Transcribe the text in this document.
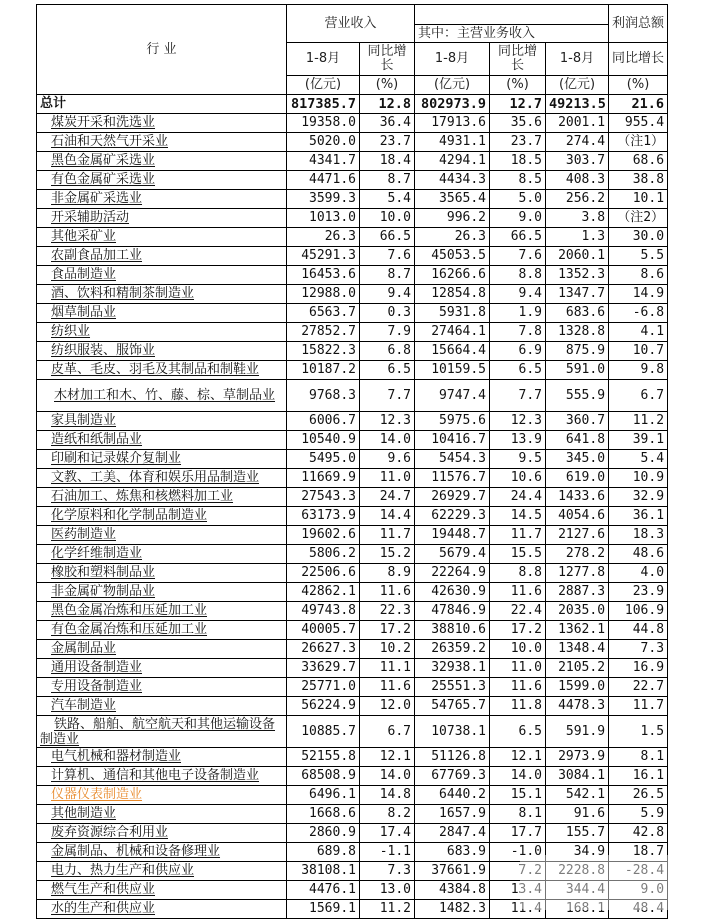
行 业	营业收入					利润总额
			其中：主营业务收入			
	1-8月	同比增长	1-8月	同比增长	1-8月	同比增长
	(亿元)	(%)	(亿元)	(%)	(亿元)	(%)
总计	817385.7	12.8	802973.9	12.7	49213.5	21.6
煤炭开采和洗选业	19358.0	36.4	17913.6	35.6	2001.1	955.4
石油和天然气开采业	5020.0	23.7	4931.1	23.7	274.4	（注1）
黑色金属矿采选业	4341.7	18.4	4294.1	18.5	303.7	68.6
有色金属矿采选业	4471.6	8.7	4434.3	8.5	408.3	38.8
非金属矿采选业	3599.3	5.4	3565.4	5.0	256.2	10.1
开采辅助活动	1013.0	10.0	996.2	9.0	3.8	（注2）
其他采矿业	26.3	66.5	26.3	66.5	1.3	30.0
农副食品加工业	45291.3	7.6	45053.5	7.6	2060.1	5.5
食品制造业	16453.6	8.7	16266.6	8.8	1352.3	8.6
酒、饮料和精制茶制造业	12988.0	9.4	12854.8	9.4	1347.7	14.9
烟草制品业	6563.7	0.3	5931.8	1.9	683.6	-6.8
纺织业	27852.7	7.9	27464.1	7.8	1328.8	4.1
纺织服装、服饰业	15822.3	6.8	15664.4	6.9	875.9	10.7
皮革、毛皮、羽毛及其制品和制鞋业	10187.2	6.5	10159.5	6.5	591.0	9.8
木材加工和木、竹、藤、棕、草制品业	9768.3	7.7	9747.4	7.7	555.9	6.7
家具制造业	6006.7	12.3	5975.6	12.3	360.7	11.2
造纸和纸制品业	10540.9	14.0	10416.7	13.9	641.8	39.1
印刷和记录媒介复制业	5495.0	9.6	5454.3	9.5	345.0	5.4
文教、工美、体育和娱乐用品制造业	11669.9	11.0	11576.7	10.6	619.0	10.9
石油加工、炼焦和核燃料加工业	27543.3	24.7	26929.7	24.4	1433.6	32.9
化学原料和化学制品制造业	63173.9	14.4	62229.3	14.5	4054.6	36.1
医药制造业	19602.6	11.7	19448.7	11.7	2127.6	18.3
化学纤维制造业	5806.2	15.2	5679.4	15.5	278.2	48.6
橡胶和塑料制品业	22506.6	8.9	22264.9	8.8	1277.8	4.0
非金属矿物制品业	42862.1	11.6	42630.9	11.6	2887.3	23.9
黑色金属冶炼和压延加工业	49743.8	22.3	47846.9	22.4	2035.0	106.9
有色金属冶炼和压延加工业	40005.7	17.2	38810.6	17.2	1362.1	44.8
金属制品业	26627.3	10.2	26359.2	10.0	1348.4	7.3
通用设备制造业	33629.7	11.1	32938.1	11.0	2105.2	16.9
专用设备制造业	25771.0	11.6	25551.3	11.6	1599.0	22.7
汽车制造业	56224.9	12.0	54765.7	11.8	4478.3	11.7
铁路、船舶、航空航天和其他运输设备制造业	10885.7	6.7	10738.1	6.5	591.9	1.5
电气机械和器材制造业	52155.8	12.1	51126.8	12.1	2973.9	8.1
计算机、通信和其他电子设备制造业	68508.9	14.0	67769.3	14.0	3084.1	16.1
仪器仪表制造业	6496.1	14.8	6440.2	15.1	542.1	26.5
其他制造业	1668.6	8.2	1657.9	8.1	91.6	5.9
废弃资源综合利用业	2860.9	17.4	2847.4	17.7	155.7	42.8
金属制品、机械和设备修理业	689.8	-1.1	683.9	-1.0	34.9	18.7
电力、热力生产和供应业	38108.1	7.3	37661.9	7.2	2228.8	-28.4
燃气生产和供应业	4476.1	13.0	4384.8	13.4	344.4	9.0
水的生产和供应业	1569.1	11.2	1482.3	11.4	168.1	48.4
